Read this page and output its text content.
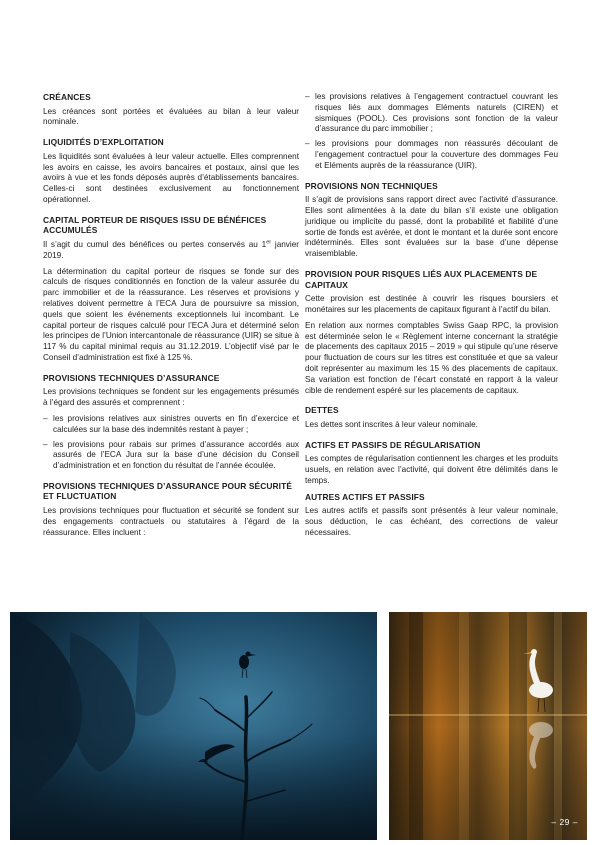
CRÉANCES

Les créances sont portées et évaluées au bilan à leur valeur nominale.

LIQUIDITÉS D’EXPLOITATION

Les liquidités sont évaluées à leur valeur actuelle. Elles comprennent les avoirs en caisse, les avoirs bancaires et postaux, ainsi que les avoirs à vue et les fonds déposés auprès d’établissements bancaires. Celles-ci sont destinées exclusivement au fonctionnement opérationnel.

CAPITAL PORTEUR DE RISQUES ISSU DE BÉNÉFICES ACCUMULÉS

Il s’agit du cumul des bénéfices ou pertes conservés au 1er janvier 2019.

La détermination du capital porteur de risques se fonde sur des calculs de risques conditionnés en fonction de la valeur assurée du parc immobilier et de la réassurance. Les réserves et provisions y relatives doivent permettre à l’ECA Jura de poursuivre sa mission, quels que soient les événements exceptionnels lui incombant. Le capital porteur de risques calculé pour l’ECA Jura et déterminé selon les principes de l’Union intercantonale de réassurance (UIR) se situe à 117 % du capital minimal requis au 31.12.2019. L’objectif visé par le Conseil d’administration est fixé à 125 %.

PROVISIONS TECHNIQUES D’ASSURANCE

Les provisions techniques se fondent sur les engagements présumés à l’égard des assurés et comprennent :

– les provisions relatives aux sinistres ouverts en fin d’exercice et calculées sur la base des indemnités restant à payer ;
– les provisions pour rabais sur primes d’assurance accordés aux assurés de l’ECA Jura sur la base d’une décision du Conseil d’administration et en fonction du résultat de l’année écoulée.
PROVISIONS TECHNIQUES D’ASSURANCE POUR SÉCURITÉ ET FLUCTUATION

Les provisions techniques pour fluctuation et sécurité se fondent sur des engagements contractuels ou statutaires à l’égard de la réassurance. Elles incluent :

– les provisions relatives à l’engagement contractuel couvrant les risques liés aux dommages Eléments naturels (CIREN) et sismiques (POOL). Ces provisions sont fonction de la valeur d’assurance du parc immobilier ;
– les provisions pour dommages non réassurés découlant de l’engagement contractuel pour la couverture des dommages Feu et Eléments auprès de la réassurance (UIR).
PROVISIONS NON TECHNIQUES

Il s’agit de provisions sans rapport direct avec l’activité d’assurance. Elles sont alimentées à la date du bilan s’il existe une obligation juridique ou implicite du passé, dont la probabilité et fiabilité d’une sortie de fonds est avérée, et dont le montant et la durée sont encore indéterminés. Elles sont évaluées sur la base d’une dépense vraisemblable.

PROVISION POUR RISQUES LIÉS AUX PLACEMENTS DE CAPITAUX

Cette provision est destinée à couvrir les risques boursiers et monétaires sur les placements de capitaux figurant à l’actif du bilan.

En relation aux normes comptables Swiss Gaap RPC, la provision est déterminée selon le « Règlement interne concernant la stratégie de placements des capitaux 2015 – 2019 » qui stipule qu’une réserve pour fluctuation de cours sur les titres est constituée et que sa valeur doit représenter au maximum les 15 % des placements de capitaux. Sa variation est fonction de l’écart constaté en rapport à la valeur cible de rendement espéré sur les placements de capitaux.

DETTES

Les dettes sont inscrites à leur valeur nominale.

ACTIFS ET PASSIFS DE RÉGULARISATION

Les comptes de régularisation contiennent les charges et les produits usuels, en relation avec l’activité, qui doivent être délimités dans le temps.

AUTRES ACTIFS ET PASSIFS

Les autres actifs et passifs sont présentés à leur valeur nominale, sous déduction, le cas échéant, des corrections de valeur nécessaires.

– 29 –
